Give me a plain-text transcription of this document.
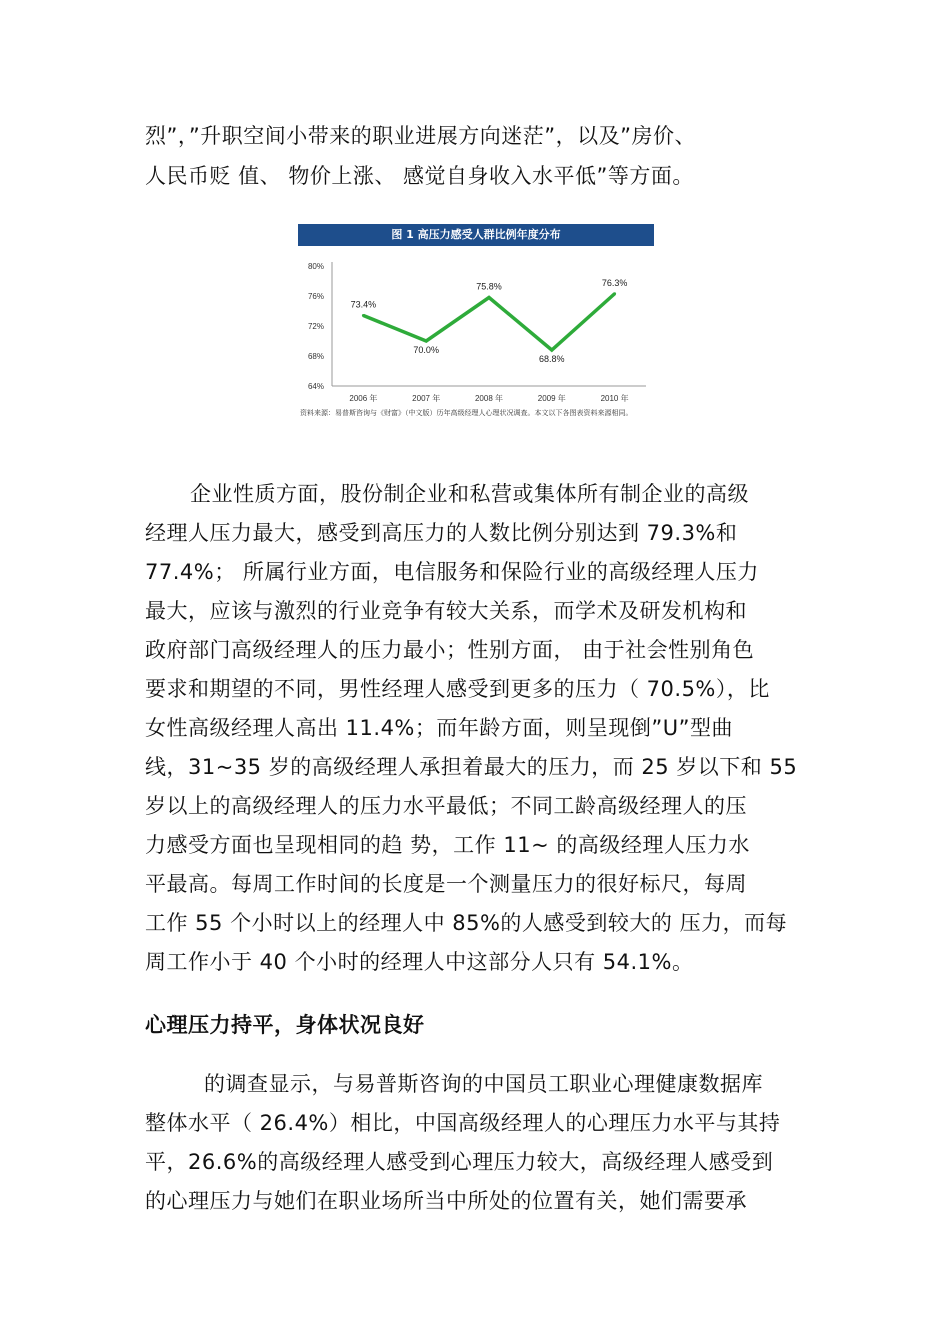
烈”，”升职空间小带来的职业进展方向迷茫”，以及”房价、
人民币贬 值、 物价上涨、 感觉自身收入水平低”等方面。
图 1 高压力感受人群比例年度分布
80%
76%
72%
68%
64%
2006 年	2007 年	2008 年	2009 年	2010 年
73.4%
70.0%
75.8%
68.8%
76.3%
资料来源：易普斯咨询与《财富》（中文版）历年高级经理人心理状况调查。本文以下各图表资料来源相同。
企业性质方面，股份制企业和私营或集体所有制企业的高级
经理人压力最大，感受到高压力的人数比例分别达到 79.3%和
77.4%； 所属行业方面，电信服务和保险行业的高级经理人压力
最大，应该与激烈的行业竞争有较大关系，而学术及研发机构和
政府部门高级经理人的压力最小；性别方面， 由于社会性别角色
要求和期望的不同，男性经理人感受到更多的压力（ 70.5%），比
女性高级经理人高出 11.4%；而年龄方面，则呈现倒”U”型曲
线，31~35 岁的高级经理人承担着最大的压力，而 25 岁以下和 55
岁以上的高级经理人的压力水平最低；不同工龄高级经理人的压
力感受方面也呈现相同的趋 势，工作 11~ 的高级经理人压力水
平最高。每周工作时间的长度是一个测量压力的很好标尺，每周
工作 55 个小时以上的经理人中 85%的人感受到较大的 压力，而每
周工作小于 40 个小时的经理人中这部分人只有 54.1%。
心理压力持平，身体状况良好
的调查显示，与易普斯咨询的中国员工职业心理健康数据库
整体水平（ 26.4%）相比，中国高级经理人的心理压力水平与其持
平，26.6%的高级经理人感受到心理压力较大，高级经理人感受到
的心理压力与她们在职业场所当中所处的位置有关，她们需要承
